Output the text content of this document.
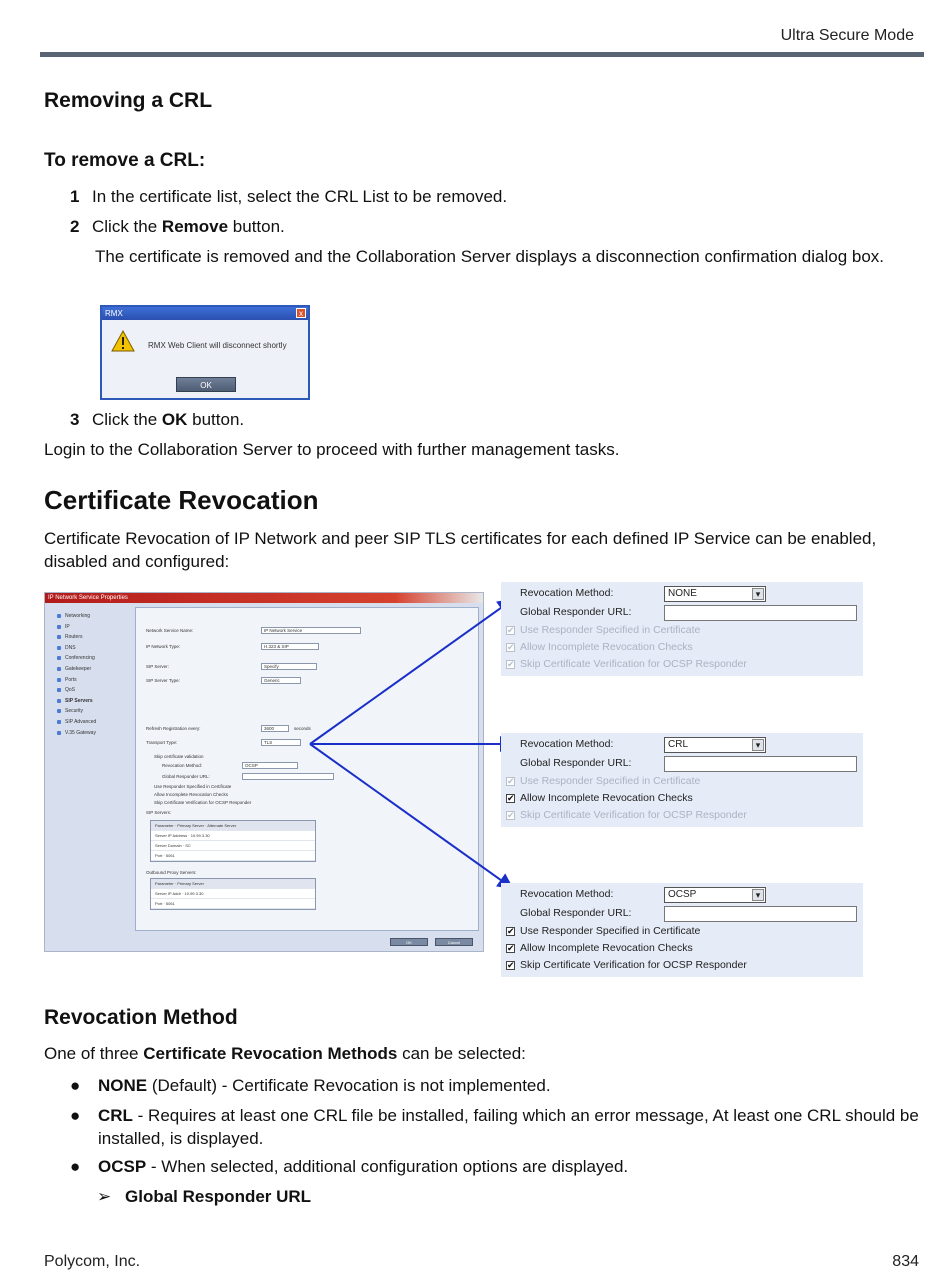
Ultra Secure Mode
Removing a CRL
To remove a CRL:
1 In the certificate list, select the CRL List to be removed.
2 Click the Remove button.
The certificate is removed and the Collaboration Server displays a disconnection confirmation dialog box.
RMX	x
RMX Web Client will disconnect shortly
OK
3 Click the OK button.
Login to the Collaboration Server to proceed with further management tasks.
Certificate Revocation
Certificate Revocation of IP Network and peer SIP TLS certificates for each defined IP Service can be enabled, disabled and configured:
IP Network Service Properties
Networking
IP
Routers
DNS
Conferencing
Gatekeeper
Ports
QoS
SIP Servers
Security
SIP Advanced
V.35 Gateway
Network Service Name:	IP Network Service
IP Network Type:	H.323 & SIP
SIP Server:	Specify
SIP Server Type:	Generic
Refresh Registration every:	3600	seconds
Transport Type:	TLS
Skip certificate validation
Revocation Method:	OCSP
Global Responder URL:
Use Responder Specified in Certificate
Allow Incomplete Revocation Checks
Skip Certificate Verification for OCSP Responder
SIP Servers:
Parameter · Primary Server · Alternate Server
Server IP Address · 10.99.3.30
Server Domain · SC
Port · 5061
Outbound Proxy Servers:
Parameter · Primary Server
Server IP Addr · 10.99.3.30
Port · 5061
OK	Cancel
Revocation Method:	NONE ▾
Global Responder URL:
✔ Use Responder Specified in Certificate
✔ Allow Incomplete Revocation Checks
✔ Skip Certificate Verification for OCSP Responder
Revocation Method:	CRL ▾
Global Responder URL:
✔ Use Responder Specified in Certificate
✔ Allow Incomplete Revocation Checks
✔ Skip Certificate Verification for OCSP Responder
Revocation Method:	OCSP ▾
Global Responder URL:
✔ Use Responder Specified in Certificate
✔ Allow Incomplete Revocation Checks
✔ Skip Certificate Verification for OCSP Responder
Revocation Method
One of three Certificate Revocation Methods can be selected:
● NONE (Default) - Certificate Revocation is not implemented.
●	CRL - Requires at least one CRL file be installed, failing which an error message, At least one CRL should be installed, is displayed.
● OCSP - When selected, additional configuration options are displayed.
➢ Global Responder URL
Polycom, Inc.	834
